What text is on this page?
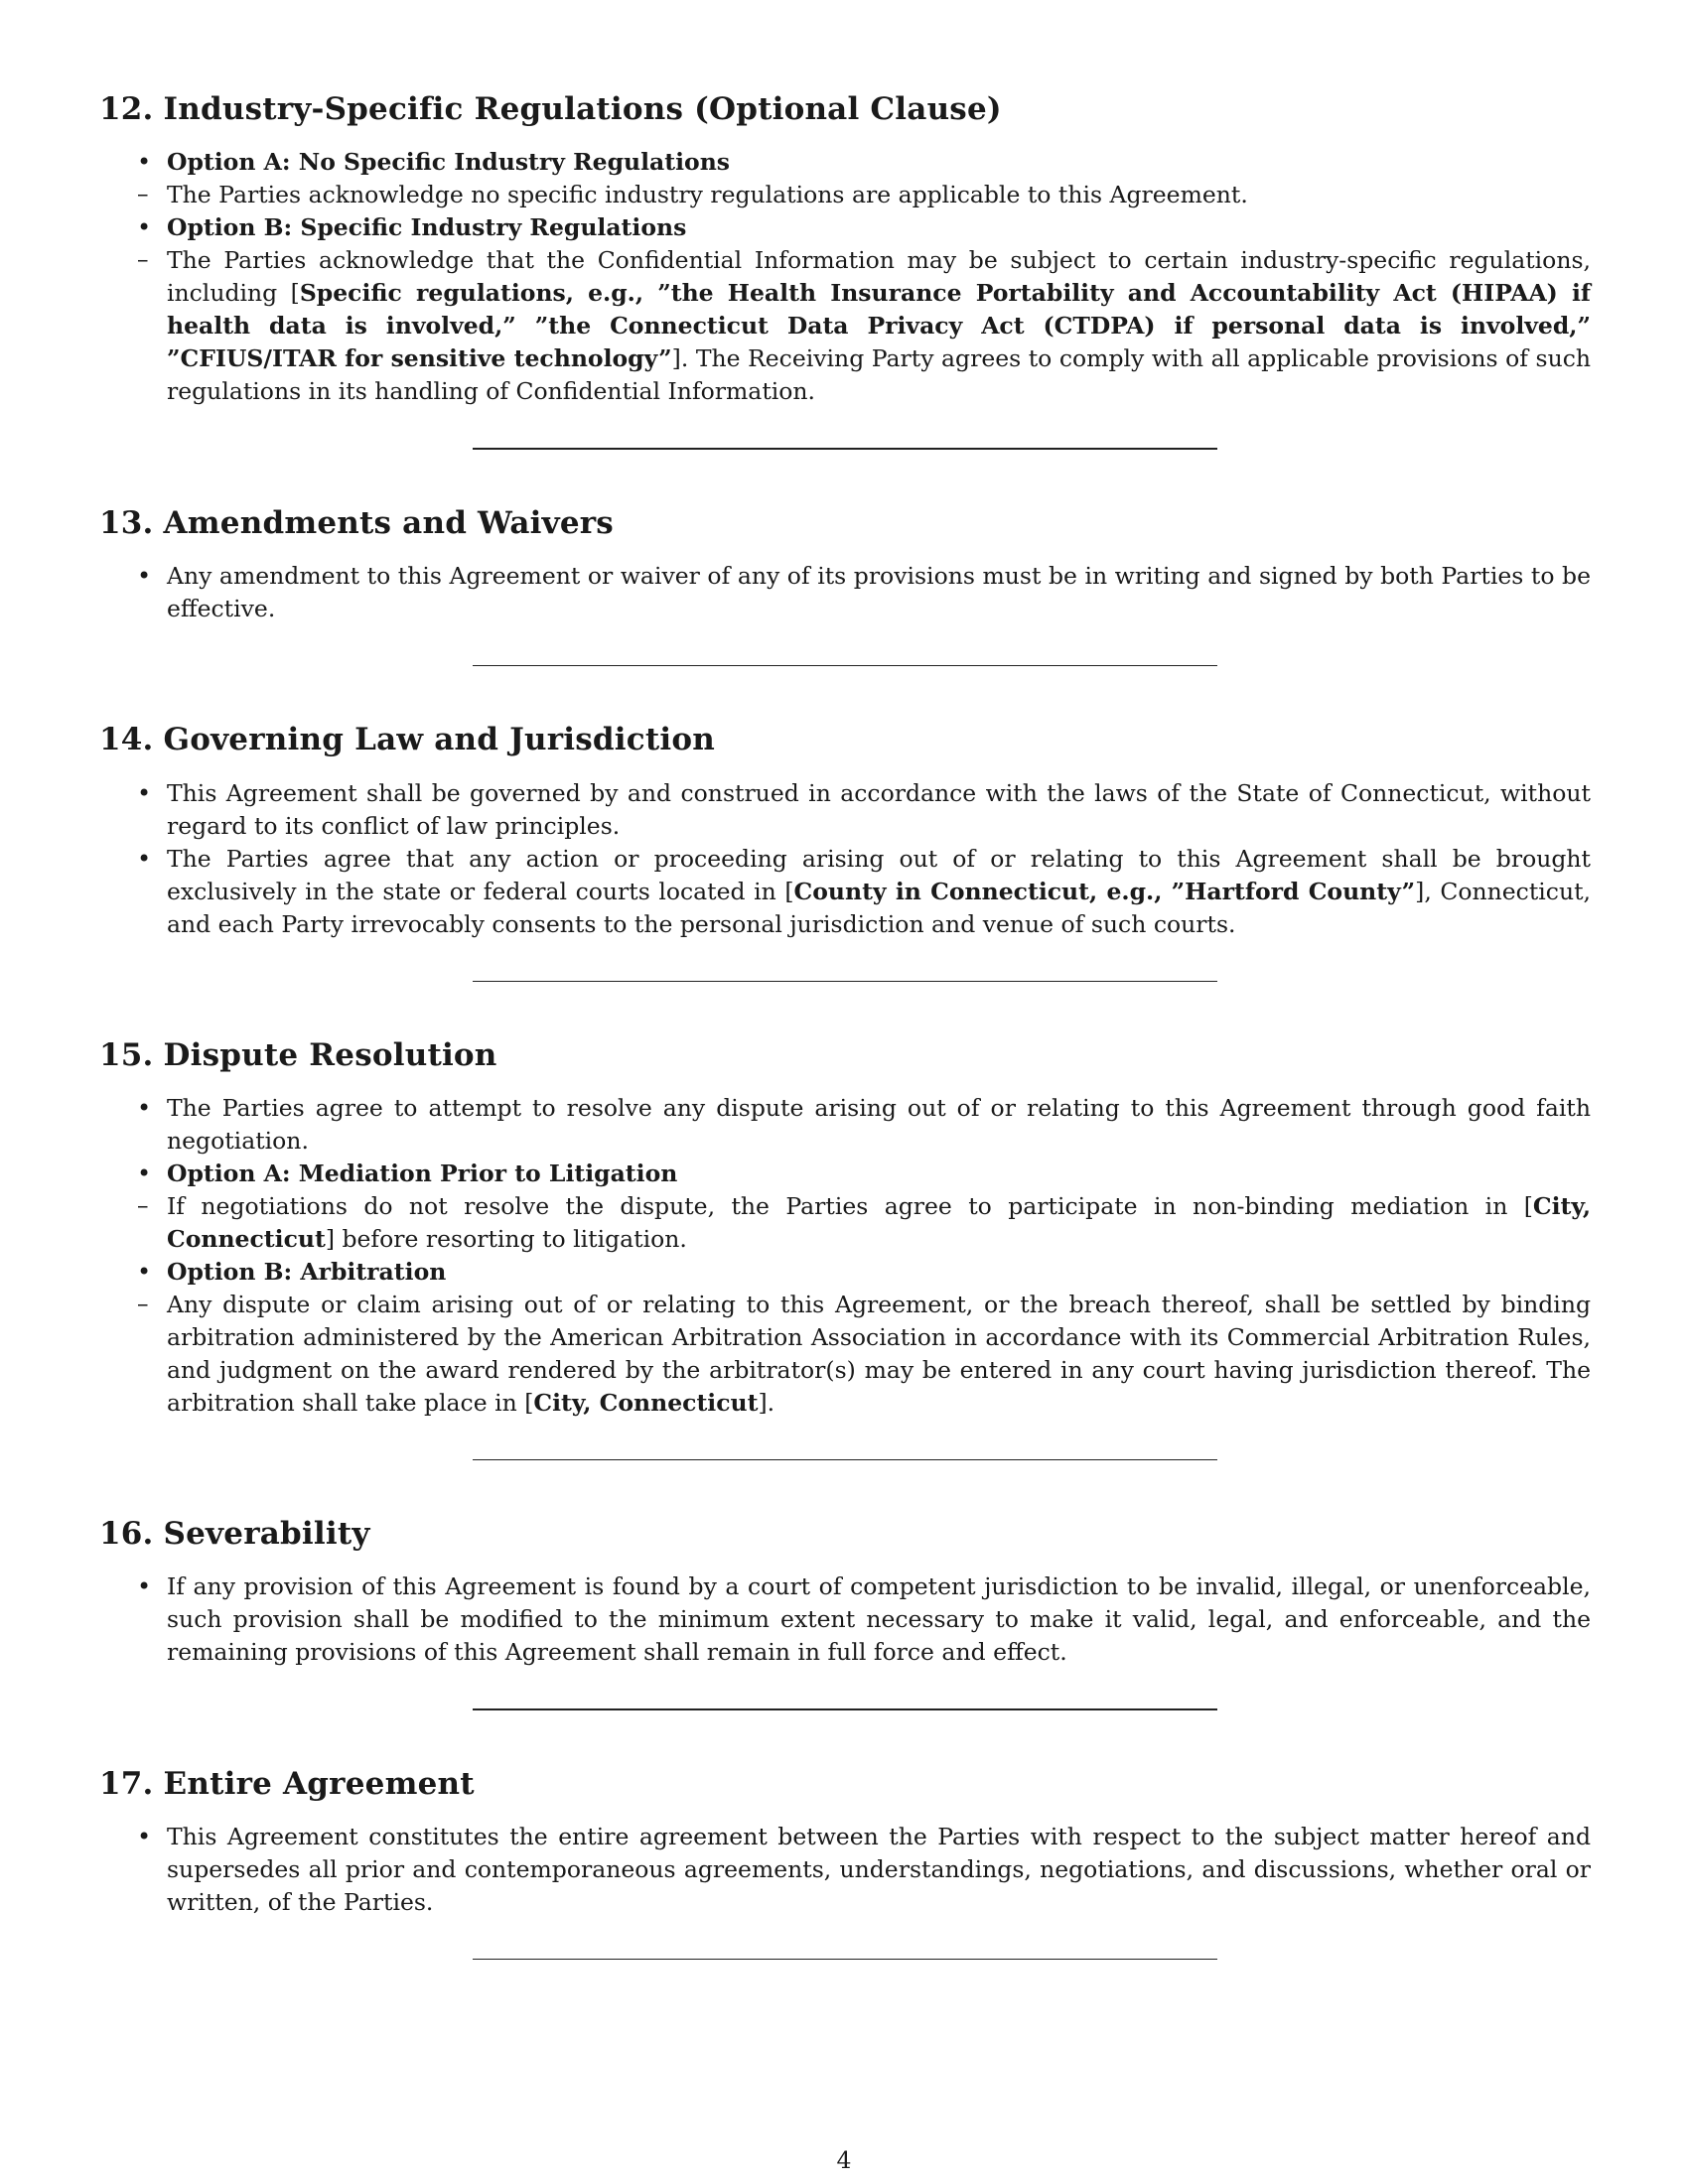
12. Industry-Specific Regulations (Optional Clause)
• Option A: No Specific Industry Regulations
– The Parties acknowledge no specific industry regulations are applicable to this Agreement.
• Option B: Specific Industry Regulations
– The Parties acknowledge that the Confidential Information may be subject to certain industry-specific regulations, including [Specific regulations, e.g., ”the Health Insurance Portability and Accountability Act (HIPAA) if health data is involved,” ”the Connecticut Data Privacy Act (CTDPA) if personal data is involved,” ”CFIUS/ITAR for sensitive technology”]. The Receiving Party agrees to comply with all applicable provisions of such regulations in its handling of Confidential Information.
13. Amendments and Waivers
• Any amendment to this Agreement or waiver of any of its provisions must be in writing and signed by both Parties to be effective.
14. Governing Law and Jurisdiction
• This Agreement shall be governed by and construed in accordance with the laws of the State of Connecticut, without regard to its conflict of law principles.
• The Parties agree that any action or proceeding arising out of or relating to this Agreement shall be brought exclusively in the state or federal courts located in [County in Connecticut, e.g., ”Hartford County”], Connecticut, and each Party irrevocably consents to the personal jurisdiction and venue of such courts.
15. Dispute Resolution
• The Parties agree to attempt to resolve any dispute arising out of or relating to this Agreement through good faith negotiation.
• Option A: Mediation Prior to Litigation
– If negotiations do not resolve the dispute, the Parties agree to participate in non-binding mediation in [City, Connecticut] before resorting to litigation.
• Option B: Arbitration
– Any dispute or claim arising out of or relating to this Agreement, or the breach thereof, shall be settled by binding arbitration administered by the American Arbitration Association in accordance with its Commercial Arbitration Rules, and judgment on the award rendered by the arbitrator(s) may be entered in any court having jurisdiction thereof. The arbitration shall take place in [City, Connecticut].
16. Severability
• If any provision of this Agreement is found by a court of competent jurisdiction to be invalid, illegal, or unenforceable, such provision shall be modified to the minimum extent necessary to make it valid, legal, and enforceable, and the remaining provisions of this Agreement shall remain in full force and effect.
17. Entire Agreement
• This Agreement constitutes the entire agreement between the Parties with respect to the subject matter hereof and supersedes all prior and contemporaneous agreements, understandings, negotiations, and discussions, whether oral or written, of the Parties.
4
